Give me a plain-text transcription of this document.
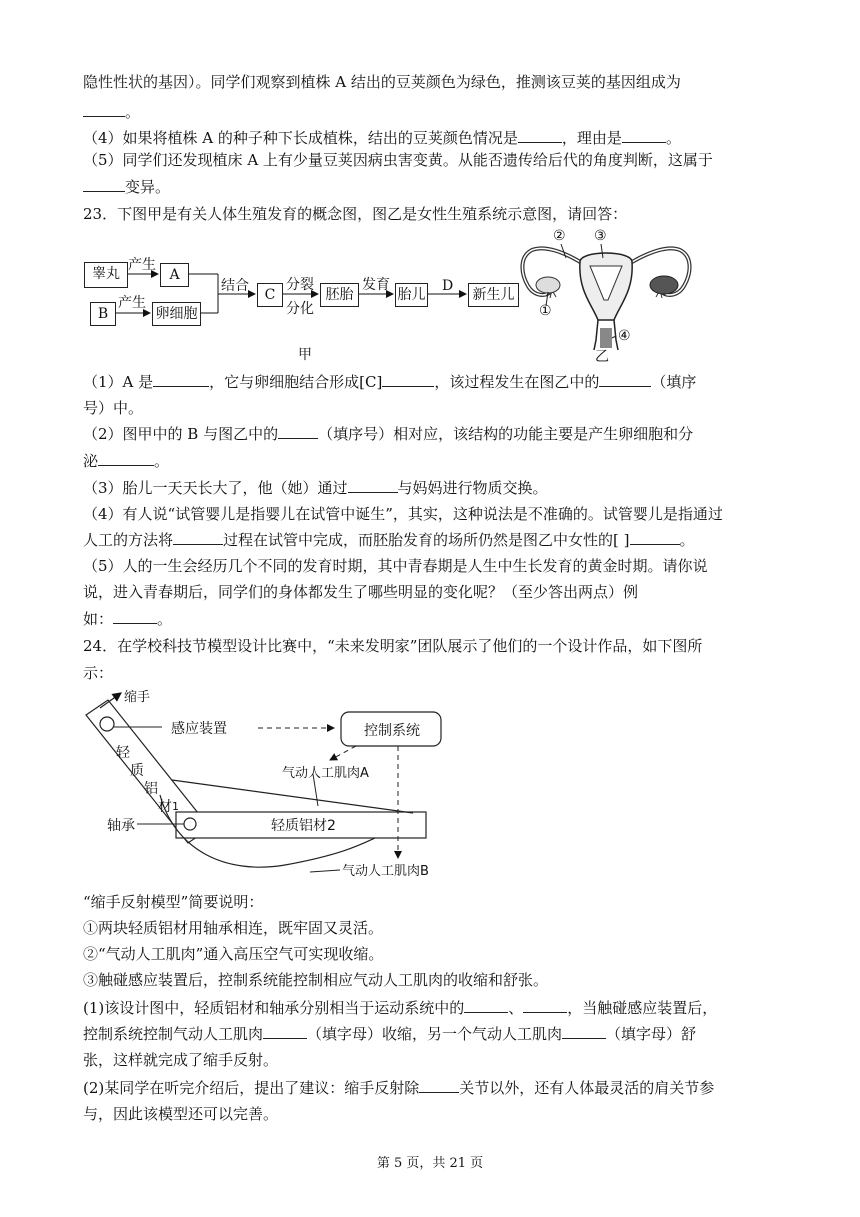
隐性性状的基因）。同学们观察到植株 A 结出的豆荚颜色为绿色，推测该豆荚的基因组成为
。
（4）如果将植株 A 的种子种下长成植株，结出的豆荚颜色情况是	，理由是	。
（5）同学们还发现植床 A 上有少量豆荚因病虫害变黄。从能否遗传给后代的角度判断，这属于
变异。
23．下图甲是有关人体生殖发育的概念图，图乙是女性生殖系统示意图，请回答：
睾丸
产生
A
B
产生
卵细胞
结合
C
分裂
分化
胚胎
发育
胎儿
D
新生儿
甲
② ③
①
④
乙
（1）A 是	，它与卵细胞结合形成[C]	，该过程发生在图乙中的	（填序
号）中。
（2）图甲中的 B 与图乙中的	（填序号）相对应，该结构的功能主要是产生卵细胞和分
泌	。
（3）胎儿一天天长大了，他（她）通过	与妈妈进行物质交换。
（4）有人说“试管婴儿是指婴儿在试管中诞生”，其实，这种说法是不准确的。试管婴儿是指通过
人工的方法将	过程在试管中完成，而胚胎发育的场所仍然是图乙中女性的[ ]	。
（5）人的一生会经历几个不同的发育时期，其中青春期是人生中生长发育的黄金时期。请你说
说，进入青春期后，同学们的身体都发生了哪些明显的变化呢？（至少答出两点）例
如：	。
24．在学校科技节模型设计比赛中，“未来发明家”团队展示了他们的一个设计作品，如下图所
示：
缩手
感应装置	控制系统
轻
质
铝
材 1
轴承	轻质铝材2
气动人工肌肉A
气动人工肌肉B
“缩手反射模型”简要说明：
①两块轻质铝材用轴承相连，既牢固又灵活。
②“气动人工肌肉”通入高压空气可实现收缩。
③触碰感应装置后，控制系统能控制相应气动人工肌肉的收缩和舒张。
(1)该设计图中，轻质铝材和轴承分别相当于运动系统中的	、	，当触碰感应装置后，
控制系统控制气动人工肌肉	（填字母）收缩，另一个气动人工肌肉	（填字母）舒
张，这样就完成了缩手反射。
(2)某同学在听完介绍后，提出了建议：缩手反射除	关节以外，还有人体最灵活的肩关节参
与，因此该模型还可以完善。
第 5 页，共 21 页
